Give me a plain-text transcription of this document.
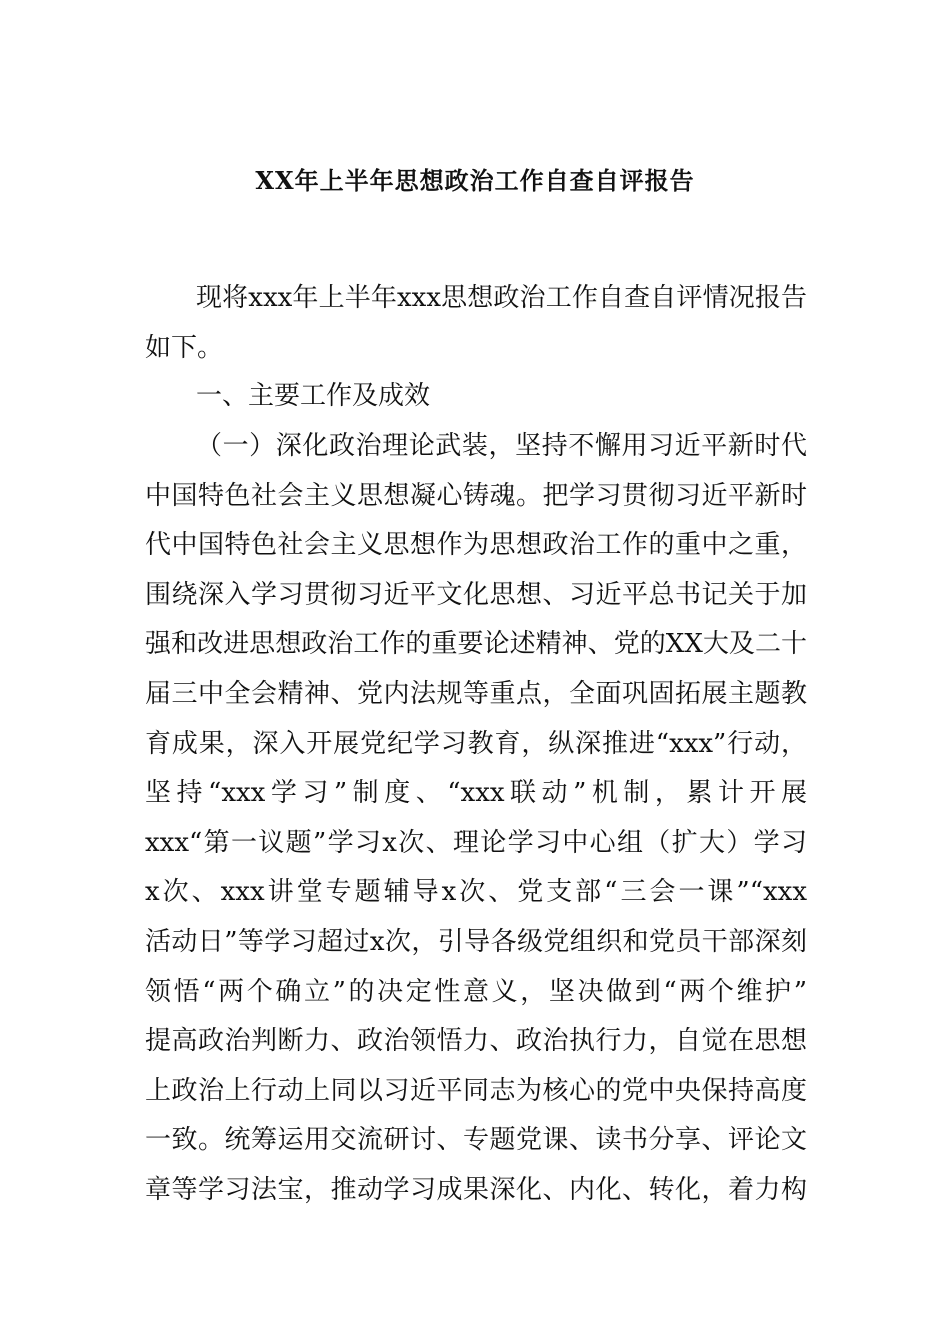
XX年上半年思想政治工作自查自评报告
现将xxx年上半年xxx思想政治工作自查自评情况报告
如下。
一、主要工作及成效
（一）深化政治理论武装，坚持不懈用习近平新时代
中国特色社会主义思想凝心铸魂。把学习贯彻习近平新时
代中国特色社会主义思想作为思想政治工作的重中之重，
围绕深入学习贯彻习近平文化思想、习近平总书记关于加
强和改进思想政治工作的重要论述精神、党的XX大及二十
届三中全会精神、党内法规等重点，全面巩固拓展主题教
育成果，深入开展党纪学习教育，纵深推进“xxx”行动，
坚持“xxx学习”制度、“xxx联动”机制，累计开展
xxx“第一议题”学习x次、理论学习中心组（扩大）学习
x次、xxx讲堂专题辅导x次、党支部“三会一课”“xxx
活动日”等学习超过x次，引导各级党组织和党员干部深刻
领悟“两个确立”的决定性意义，坚决做到“两个维护”
提高政治判断力、政治领悟力、政治执行力，自觉在思想
上政治上行动上同以习近平同志为核心的党中央保持高度
一致。统筹运用交流研讨、专题党课、读书分享、评论文
章等学习法宝，推动学习成果深化、内化、转化，着力构
